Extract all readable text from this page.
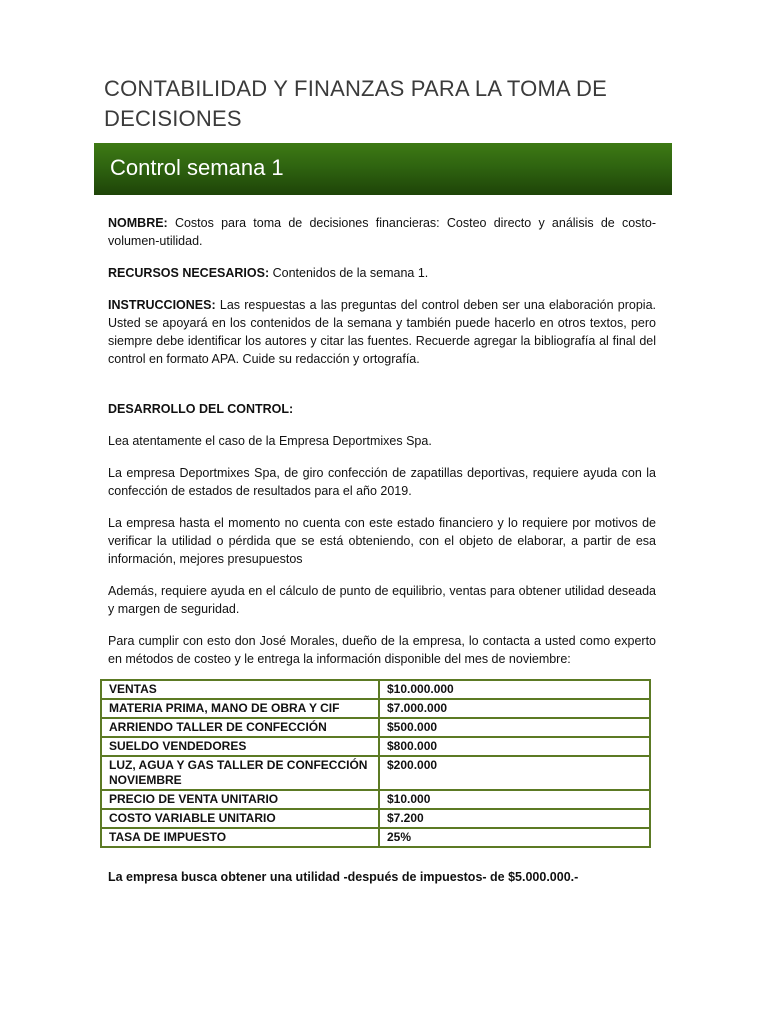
CONTABILIDAD Y FINANZAS PARA LA TOMA DE
DECISIONES
Control semana 1

NOMBRE: Costos para toma de decisiones financieras: Costeo directo y análisis de costo-volumen-utilidad.

RECURSOS NECESARIOS: Contenidos de la semana 1.

INSTRUCCIONES: Las respuestas a las preguntas del control deben ser una elaboración propia. Usted se apoyará en los contenidos de la semana y también puede hacerlo en otros textos, pero siempre debe identificar los autores y citar las fuentes. Recuerde agregar la bibliografía al final del control en formato APA. Cuide su redacción y ortografía.

DESARROLLO DEL CONTROL:

Lea atentamente el caso de la Empresa Deportmixes Spa.

La empresa Deportmixes Spa, de giro confección de zapatillas deportivas, requiere ayuda con la confección de estados de resultados para el año 2019.

La empresa hasta el momento no cuenta con este estado financiero y lo requiere por motivos de verificar la utilidad o pérdida que se está obteniendo, con el objeto de elaborar, a partir de esa información, mejores presupuestos

Además, requiere ayuda en el cálculo de punto de equilibrio, ventas para obtener utilidad deseada y margen de seguridad.

Para cumplir con esto don José Morales, dueño de la empresa, lo contacta a usted como experto en métodos de costeo y le entrega la información disponible del mes de noviembre:

VENTAS	$10.000.000
MATERIA PRIMA, MANO DE OBRA Y CIF	$7.000.000
ARRIENDO TALLER DE CONFECCIÓN	$500.000
SUELDO VENDEDORES	$800.000
LUZ, AGUA Y GAS TALLER DE CONFECCIÓN NOVIEMBRE	$200.000
PRECIO DE VENTA UNITARIO	$10.000
COSTO VARIABLE UNITARIO	$7.200
TASA DE IMPUESTO	25%
La empresa busca obtener una utilidad -después de impuestos- de $5.000.000.-
